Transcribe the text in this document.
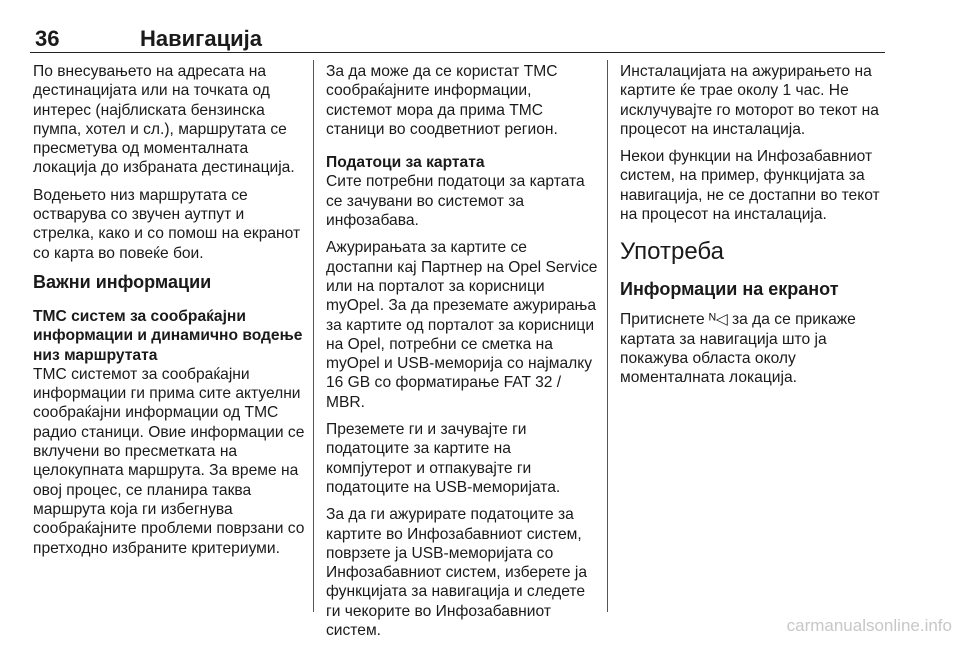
36	Навигација

По внесувањето на адресата на дестинацијата или на точката од интерес (најблиската бензинска пумпа, хотел и сл.), маршрутата се пресметува од моменталната локација до избраната дестинација.

Водењето низ маршрутата се остварува со звучен аутпут и стрелка, како и со помош на екранот со карта во повеќе бои.

Важни информации
TMC систем за сообраќајни информации и динамично водење низ маршрутата

TMC системот за сообраќајни информации ги прима сите актуелни сообраќајни информации од TMC радио станици. Овие информации се вклучени во пресметката на целокупната маршрута. За време на овој процес, се планира таква маршрута која ги избегнува сообраќајните проблеми поврзани со претходно избраните критериуми.

За да може да се користат TMC сообраќајните информации, системот мора да прима TMC станици во соодветниот регион.

Податоци за картата

Сите потребни податоци за картата се зачувани во системот за инфозабава.

Ажурирањата за картите се достапни кај Партнер на Opel Service или на порталот за корисници myOpel. За да преземате ажурирања за картите од порталот за корисници на Opel, потребни се сметка на myOpel и USB-меморија со најмалку 16 GB со форматирање FAT 32 / MBR.

Преземете ги и зачувајте ги податоците за картите на компјутерот и отпакувајте ги податоците на USB-меморијата.

За да ги ажурирате податоците за картите во Инфозабавниот систем, поврзете ја USB-меморијата со Инфозабавниот систем, изберете ја функцијата за навигација и следете ги чекорите во Инфозабавниот систем.

Инсталацијата на ажурирањето на картите ќе трае околу 1 час. Не исклучувајте го моторот во текот на процесот на инсталација.

Некои функции на Инфозабавниот систем, на пример, функцијата за навигација, не се достапни во текот на процесот на инсталација.

Употреба
Информации на екранот

Притиснете ᴺ◁ за да се прикаже картата за навигација што ја покажува областа околу моменталната локација.

carmanualsonline.info
